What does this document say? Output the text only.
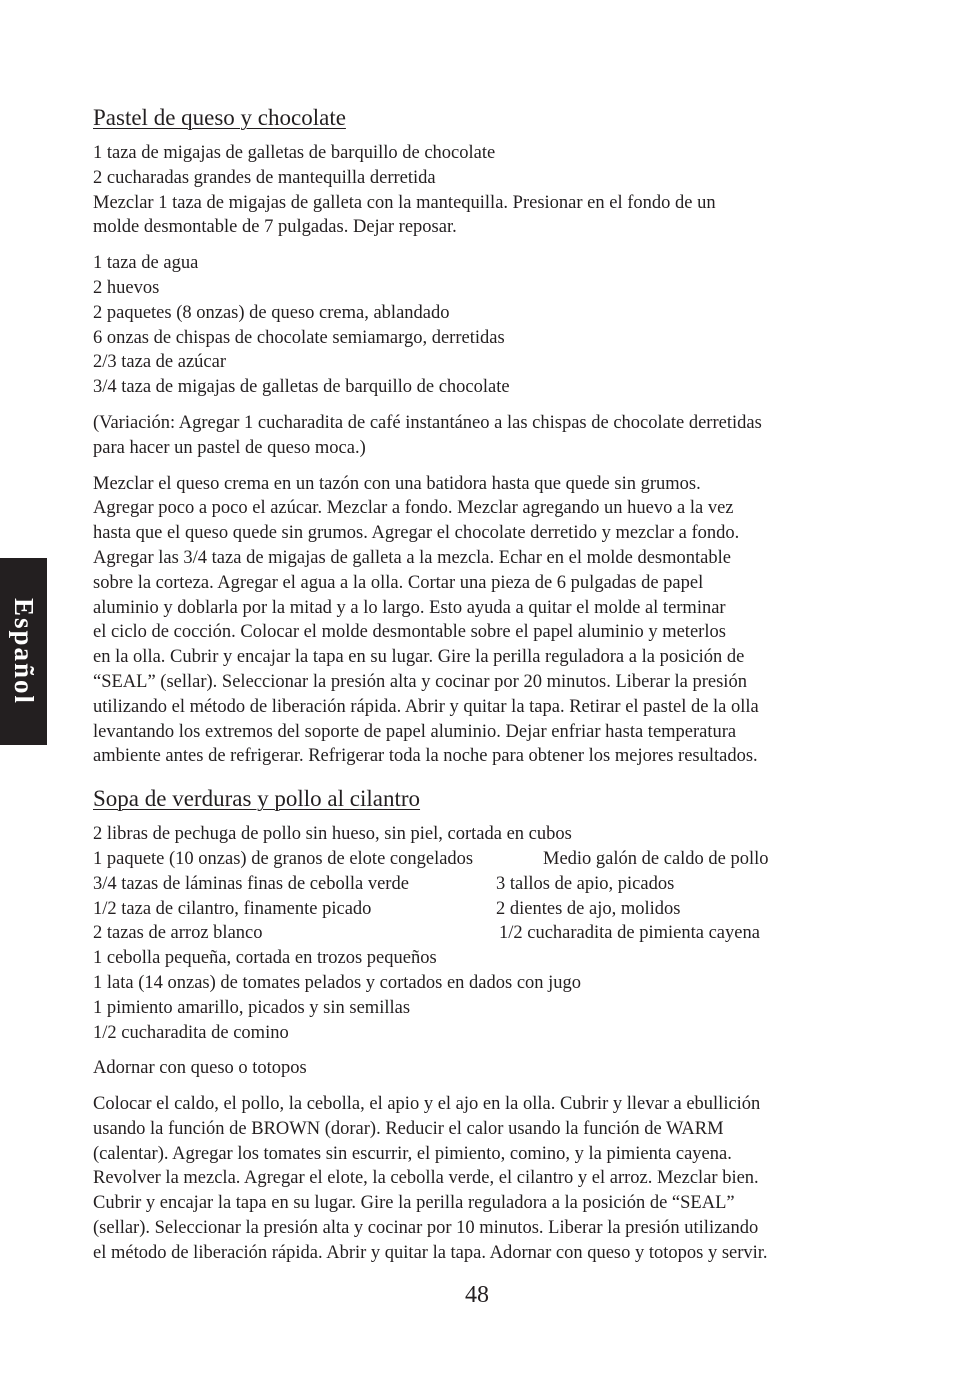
Español
Pastel de queso y chocolate
1 taza de migajas de galletas de barquillo de chocolate
2 cucharadas grandes de mantequilla derretida
Mezclar 1 taza de migajas de galleta con la mantequilla. Presionar en el fondo de un
molde desmontable de 7 pulgadas. Dejar reposar.
1 taza de agua
2 huevos
2 paquetes (8 onzas) de queso crema, ablandado
6 onzas de chispas de chocolate semiamargo, derretidas
2/3 taza de azúcar
3/4 taza de migajas de galletas de barquillo de chocolate
(Variación: Agregar 1 cucharadita de café instantáneo a las chispas de chocolate derretidas
para hacer un pastel de queso moca.)
Mezclar el queso crema en un tazón con una batidora hasta que quede sin grumos.
Agregar poco a poco el azúcar. Mezclar a fondo. Mezclar agregando un huevo a la vez
hasta que el queso quede sin grumos. Agregar el chocolate derretido y mezclar a fondo.
Agregar las 3/4 taza de migajas de galleta a la mezcla. Echar en el molde desmontable
sobre la corteza. Agregar el agua a la olla. Cortar una pieza de 6 pulgadas de papel
aluminio y doblarla por la mitad y a lo largo. Esto ayuda a quitar el molde al terminar
el ciclo de cocción. Colocar el molde desmontable sobre el papel aluminio y meterlos
en la olla. Cubrir y encajar la tapa en su lugar. Gire la perilla reguladora a la posición de
“SEAL” (sellar). Seleccionar la presión alta y cocinar por 20 minutos. Liberar la presión
utilizando el método de liberación rápida. Abrir y quitar la tapa. Retirar el pastel de la olla
levantando los extremos del soporte de papel aluminio. Dejar enfriar hasta temperatura
ambiente antes de refrigerar. Refrigerar toda la noche para obtener los mejores resultados.
Sopa de verduras y pollo al cilantro
2 libras de pechuga de pollo sin hueso, sin piel, cortada en cubos
1 paquete (10 onzas) de granos de elote congelados	Medio galón de caldo de pollo
3/4 tazas de láminas finas de cebolla verde	3 tallos de apio, picados
1/2 taza de cilantro, finamente picado	2 dientes de ajo, molidos
2 tazas de arroz blanco	1/2 cucharadita de pimienta cayena
1 cebolla pequeña, cortada en trozos pequeños
1 lata (14 onzas) de tomates pelados y cortados en dados con jugo
1 pimiento amarillo, picados y sin semillas
1/2 cucharadita de comino
Adornar con queso o totopos
Colocar el caldo, el pollo, la cebolla, el apio y el ajo en la olla. Cubrir y llevar a ebullición
usando la función de BROWN (dorar). Reducir el calor usando la función de WARM
(calentar). Agregar los tomates sin escurrir, el pimiento, comino, y la pimienta cayena.
Revolver la mezcla. Agregar el elote, la cebolla verde, el cilantro y el arroz. Mezclar bien.
Cubrir y encajar la tapa en su lugar. Gire la perilla reguladora a la posición de “SEAL”
(sellar). Seleccionar la presión alta y cocinar por 10 minutos. Liberar la presión utilizando
el método de liberación rápida. Abrir y quitar la tapa. Adornar con queso y totopos y servir.
48
